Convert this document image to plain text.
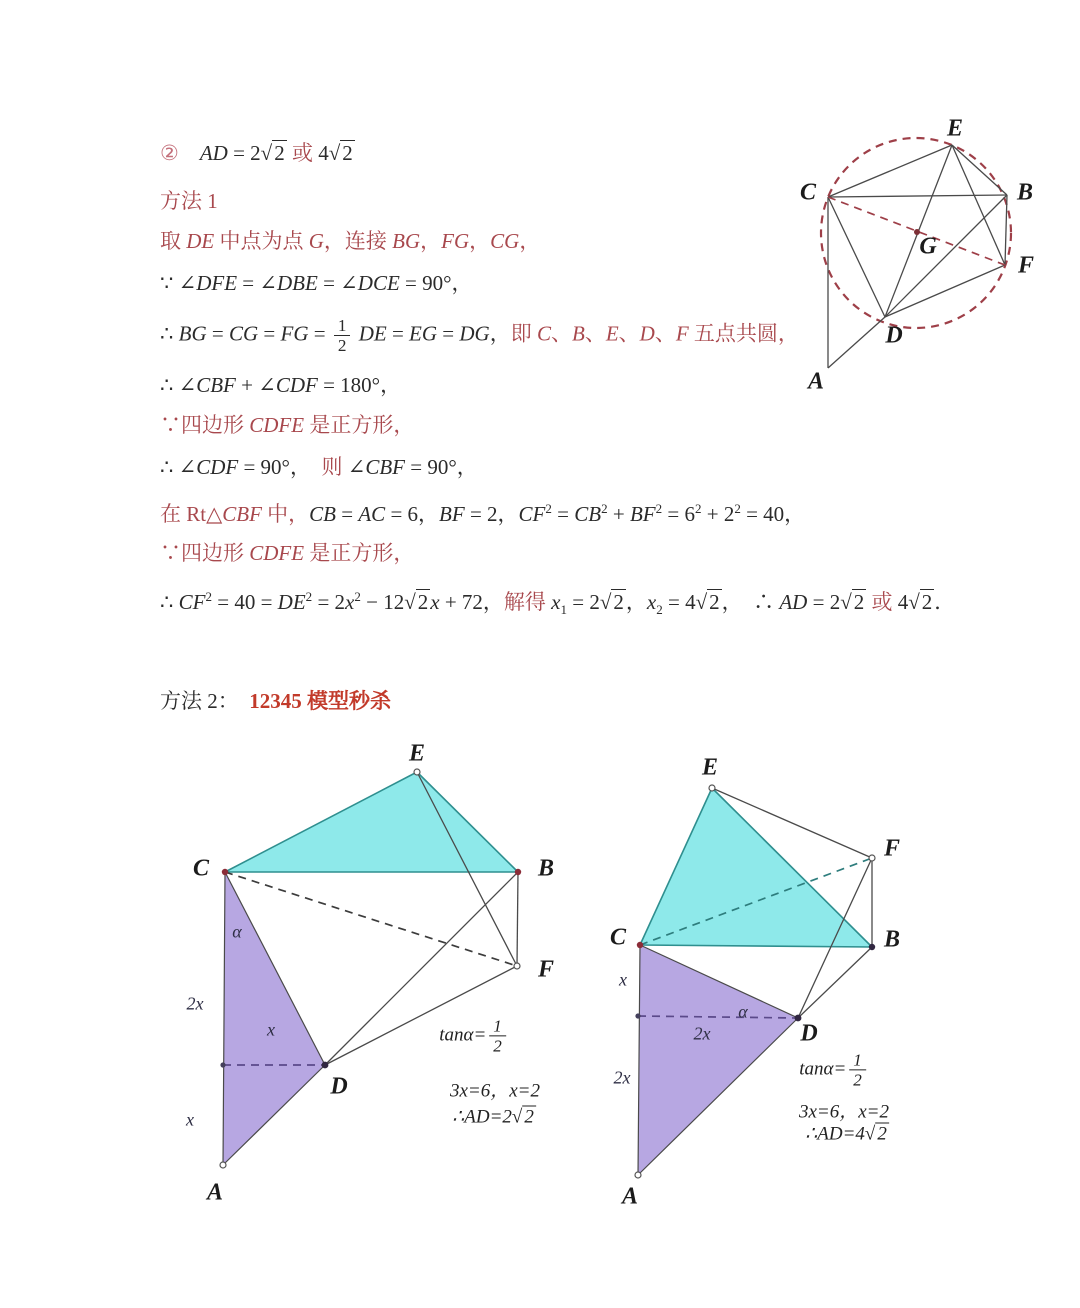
②　 AD = 2 √ 2 或 4 √ 2
方法 1
取 DE 中点为点 G，连接 BG，FG，CG，
∵ ∠DFE = ∠DBE = ∠DCE = 90°，
∴ BG = CG = FG = $\frac{1}{2}$ DE = EG = DG，即 C、B、E、D、F 五点共圆，
∴ ∠CBF + ∠CDF = 180°，
∵四边形 CDFE 是正方形，
∴ ∠CDF = 90°，　则 ∠CBF = 90°，
在 Rt△CBF 中，CB = AC = 6，BF = 2，$CF^2 = CB^2 + BF^2 = 6^2 + 2^2 = 40$，
∵四边形 CDFE 是正方形，
∴ $CF^2 = 40 = DE^2 = 2x^2 - 12$ √ 2x + 72，解得 $x_1 = 2$ √ 2，$x_2 = 4$ √ 2，　∴ AD = 2 √ 2 或 4 √ 2．
方法 2：　12345 模型秒杀
E
C	B
G
F
D
A
E
C	B
F
D
A
α
2x
x
x
$\tan\alpha= \frac{1}{2}$
3x=6，x=2
∴AD=2 √ 2
E
F
C	B
D
A
α
2x
x
2x	$\tan\alpha= \frac{1}{2}$
3x=6，x=2
∴AD=4 √ 2
